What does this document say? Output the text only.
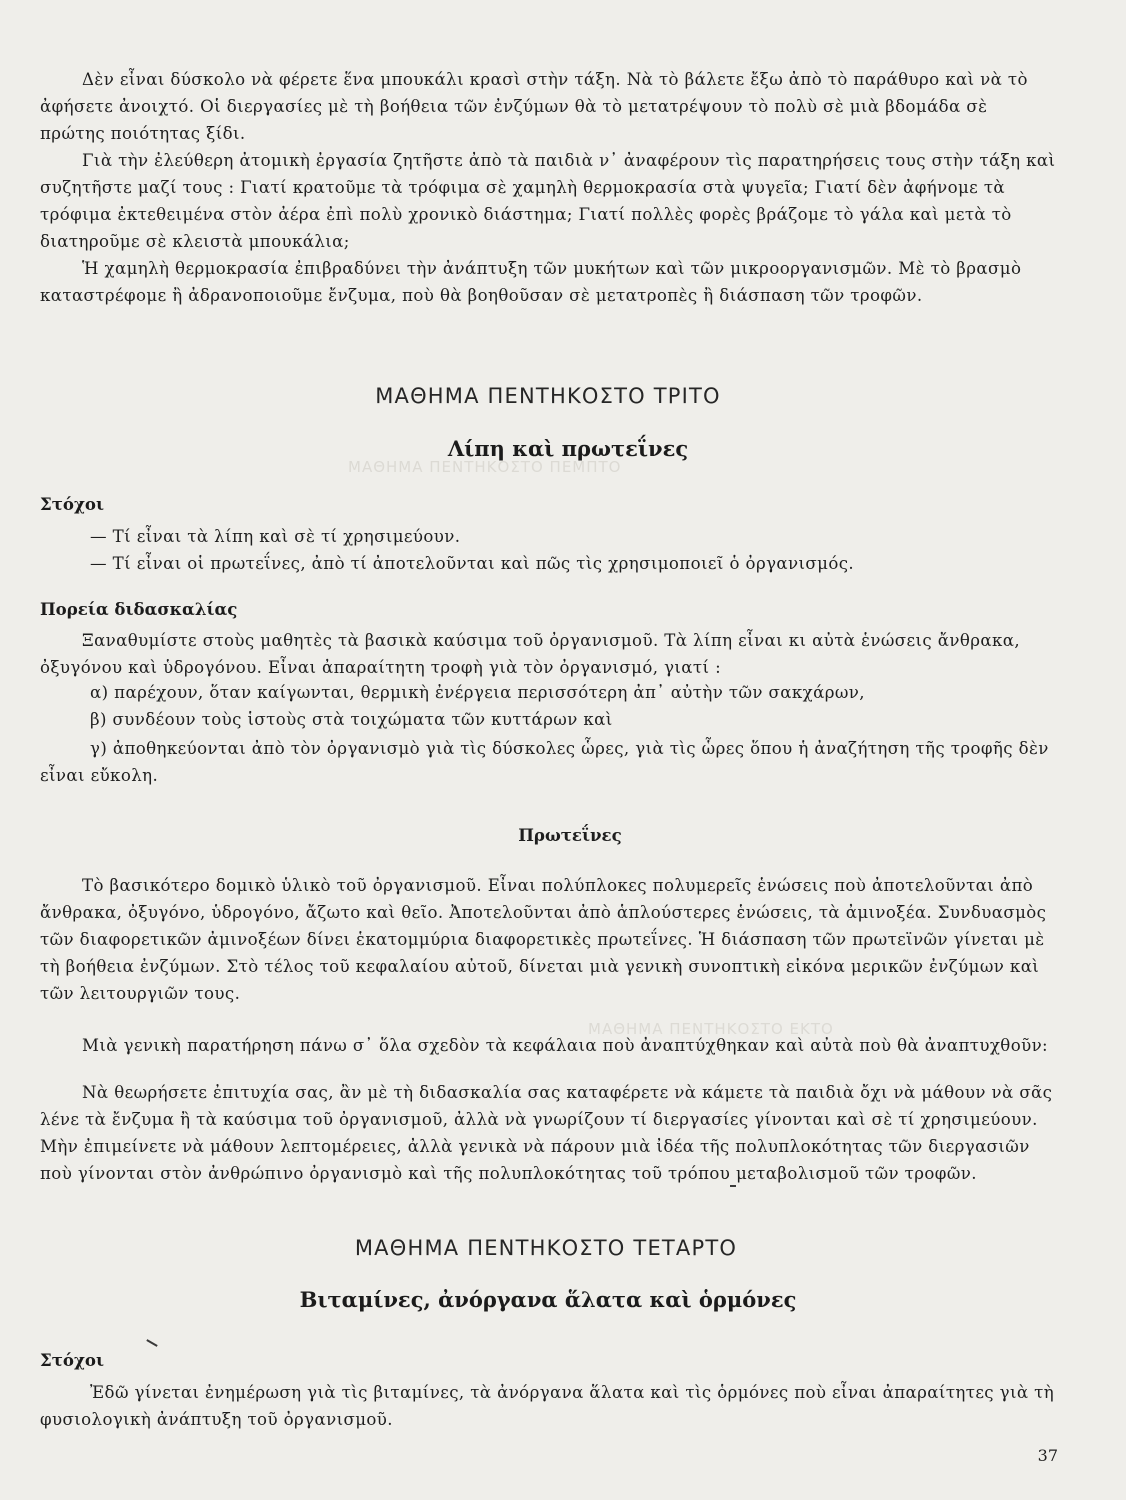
ΜΑΘΗΜΑ ΠΕΝΤΗΚΟΣΤΟ ΠΕΜΠΤΟ
ΜΑΘΗΜΑ ΠΕΝΤΗΚΟΣΤΟ ΕΚΤΟ

Δὲν εἶναι δύσκολο νὰ φέρετε ἕνα μπουκάλι κρασὶ στὴν τάξη. Νὰ τὸ βάλετε ἔξω ἀπὸ τὸ παράθυρο καὶ νὰ τὸ ἀφήσετε ἀνοιχτό. Οἱ διεργασίες μὲ τὴ βοήθεια τῶν ἐνζύμων θὰ τὸ μετατρέψουν τὸ πολὺ σὲ μιὰ βδομάδα σὲ πρώτης ποιότητας ξίδι.

Γιὰ τὴν ἐλεύθερη ἀτομικὴ ἐργασία ζητῆστε ἀπὸ τὰ παιδιὰ ν᾽ ἀναφέρουν τὶς παρατηρήσεις τους στὴν τάξη καὶ συζητῆστε μαζί τους : Γιατί κρατοῦμε τὰ τρόφιμα σὲ χαμηλὴ θερμοκρασία στὰ ψυγεῖα; Γιατί δὲν ἀφήνομε τὰ τρόφιμα ἐκτεθειμένα στὸν ἀέρα ἐπὶ πολὺ χρονικὸ διάστημα; Γιατί πολλὲς φορὲς βράζομε τὸ γάλα καὶ μετὰ τὸ διατηροῦμε σὲ κλειστὰ μπουκάλια;

Ἡ χαμηλὴ θερμοκρασία ἐπιβραδύνει τὴν ἀνάπτυξη τῶν μυκήτων καὶ τῶν μικροοργανισμῶν. Μὲ τὸ βρασμὸ καταστρέφομε ἢ ἀδρανοποιοῦμε ἔνζυμα, ποὺ θὰ βοηθοῦσαν σὲ μετατροπὲς ἢ διάσπαση τῶν τροφῶν.

ΜΑΘΗΜΑ ΠΕΝΤΗΚΟΣΤΟ ΤΡΙΤΟ
Λίπη καὶ πρωτεΐνες

Στόχοι

— Τί εἶναι τὰ λίπη καὶ σὲ τί χρησιμεύουν.

— Τί εἶναι οἱ πρωτεΐνες, ἀπὸ τί ἀποτελοῦνται καὶ πῶς τὶς χρησιμοποιεῖ ὁ ὀργανισμός.

Πορεία διδασκαλίας

Ξαναθυμίστε στοὺς μαθητὲς τὰ βασικὰ καύσιμα τοῦ ὀργανισμοῦ. Τὰ λίπη εἶναι κι αὐτὰ ἑνώσεις ἄνθρακα, ὀξυγόνου καὶ ὑδρογόνου. Εἶναι ἀπαραίτητη τροφὴ γιὰ τὸν ὀργανισμό, γιατί :

α) παρέχουν, ὅταν καίγωνται, θερμικὴ ἐνέργεια περισσότερη ἀπ᾽ αὐτὴν τῶν σακχάρων,

β) συνδέουν τοὺς ἱστοὺς στὰ τοιχώματα τῶν κυττάρων καὶ

γ) ἀποθηκεύονται ἀπὸ τὸν ὀργανισμὸ γιὰ τὶς δύσκολες ὧρες, γιὰ τὶς ὧρες ὅπου ἡ ἀναζήτηση τῆς τροφῆς δὲν εἶναι εὔκολη.

Πρωτεΐνες

Τὸ βασικότερο δομικὸ ὑλικὸ τοῦ ὀργανισμοῦ. Εἶναι πολύπλοκες πολυμερεῖς ἑνώσεις ποὺ ἀποτελοῦνται ἀπὸ ἄνθρακα, ὀξυγόνο, ὑδρογόνο, ἄζωτο καὶ θεῖο. Ἀποτελοῦνται ἀπὸ ἁπλούστερες ἑνώσεις, τὰ ἀμινοξέα. Συνδυασμὸς τῶν διαφορετικῶν ἀμινοξέων δίνει ἑκατομμύρια διαφορετικὲς πρωτεΐνες. Ἡ διάσπαση τῶν πρωτεϊνῶν γίνεται μὲ τὴ βοήθεια ἐνζύμων. Στὸ τέλος τοῦ κεφαλαίου αὐτοῦ, δίνεται μιὰ γενικὴ συνοπτικὴ εἰκόνα μερικῶν ἐνζύμων καὶ τῶν λειτουργιῶν τους.

Μιὰ γενικὴ παρατήρηση πάνω σ᾽ ὅλα σχεδὸν τὰ κεφάλαια ποὺ ἀναπτύχθηκαν καὶ αὐτὰ ποὺ θὰ ἀναπτυχθοῦν:

Νὰ θεωρήσετε ἐπιτυχία σας, ἂν μὲ τὴ διδασκαλία σας καταφέρετε νὰ κάμετε τὰ παιδιὰ ὄχι νὰ μάθουν νὰ σᾶς λένε τὰ ἔνζυμα ἢ τὰ καύσιμα τοῦ ὀργανισμοῦ, ἀλλὰ νὰ γνωρίζουν τί διεργασίες γίνονται καὶ σὲ τί χρησιμεύουν. Μὴν ἐπιμείνετε νὰ μάθουν λεπτομέρειες, ἀλλὰ γενικὰ νὰ πάρουν μιὰ ἰδέα τῆς πολυπλοκότητας τῶν διεργασιῶν ποὺ γίνονται στὸν ἀνθρώπινο ὀργανισμὸ καὶ τῆς πολυπλοκότητας τοῦ τρόπου μεταβολισμοῦ τῶν τροφῶν.

ΜΑΘΗΜΑ ΠΕΝΤΗΚΟΣΤΟ ΤΕΤΑΡΤΟ
Βιταμίνες, ἀνόργανα ἅλατα καὶ ὁρμόνες

Στόχοι

Ἐδῶ γίνεται ἐνημέρωση γιὰ τὶς βιταμίνες, τὰ ἀνόργανα ἅλατα καὶ τὶς ὁρμόνες ποὺ εἶναι ἀπαραίτητες γιὰ τὴ φυσιολογικὴ ἀνάπτυξη τοῦ ὀργανισμοῦ.

37
